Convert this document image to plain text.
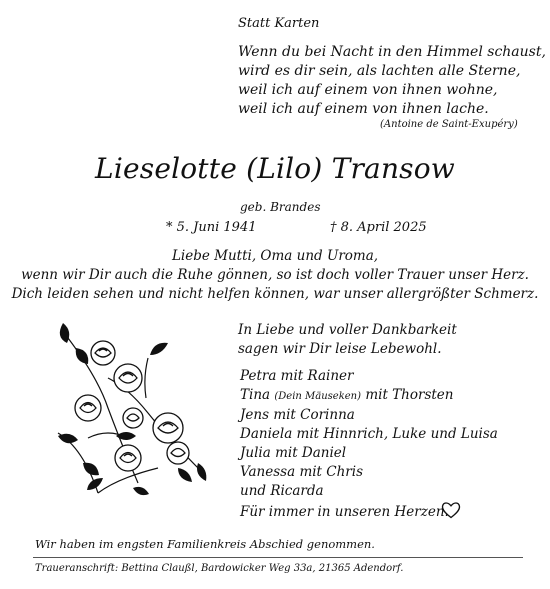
Statt Karten
Wenn du bei Nacht in den Himmel schaust,
wird es dir sein, als lachten alle Sterne,
weil ich auf einem von ihnen wohne,
weil ich auf einem von ihnen lache.
(Antoine de Saint-Exupéry)
Lieselotte (Lilo) Transow
geb. Brandes
* 5. Juni 1941	† 8. April 2025
Liebe Mutti, Oma und Uroma,
wenn wir Dir auch die Ruhe gönnen, so ist doch voller Trauer unser Herz.
Dich leiden sehen und nicht helfen können, war unser allergrößter Schmerz.
In Liebe und voller Dankbarkeit
sagen wir Dir leise Lebewohl.
Petra mit Rainer
Tina (Dein Mäuseken) mit Thorsten
Jens mit Corinna
Daniela mit Hinnrich, Luke und Luisa
Julia mit Daniel
Vanessa mit Chris
und Ricarda
Für immer in unseren Herzen.
Wir haben im engsten Familienkreis Abschied genommen.
Traueranschrift: Bettina Claußl, Bardowicker Weg 33a, 21365 Adendorf.
